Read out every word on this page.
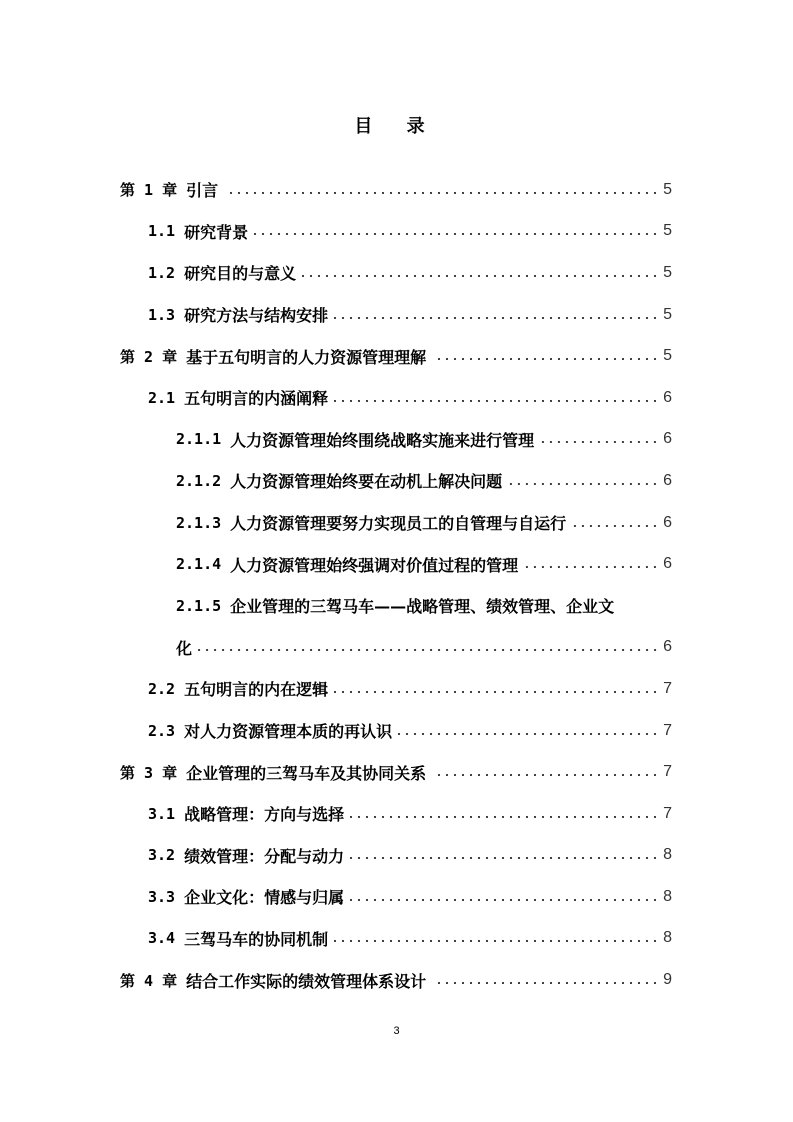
目 录
第 1 章 引言	5
1.1 研究背景	5
1.2 研究目的与意义	5
1.3 研究方法与结构安排	5
第 2 章 基于五句明言的人力资源管理理解	5
2.1 五句明言的内涵阐释	6
2.1.1 人力资源管理始终围绕战略实施来进行管理	6
2.1.2 人力资源管理始终要在动机上解决问题	6
2.1.3 人力资源管理要努力实现员工的自管理与自运行	6
2.1.4 人力资源管理始终强调对价值过程的管理	6
2.1.5 企业管理的三驾马车——战略管理、绩效管理、企业文
化	6
2.2 五句明言的内在逻辑	7
2.3 对人力资源管理本质的再认识	7
第 3 章 企业管理的三驾马车及其协同关系	7
3.1 战略管理：方向与选择	7
3.2 绩效管理：分配与动力	8
3.3 企业文化：情感与归属	8
3.4 三驾马车的协同机制	8
第 4 章 结合工作实际的绩效管理体系设计	9
3
